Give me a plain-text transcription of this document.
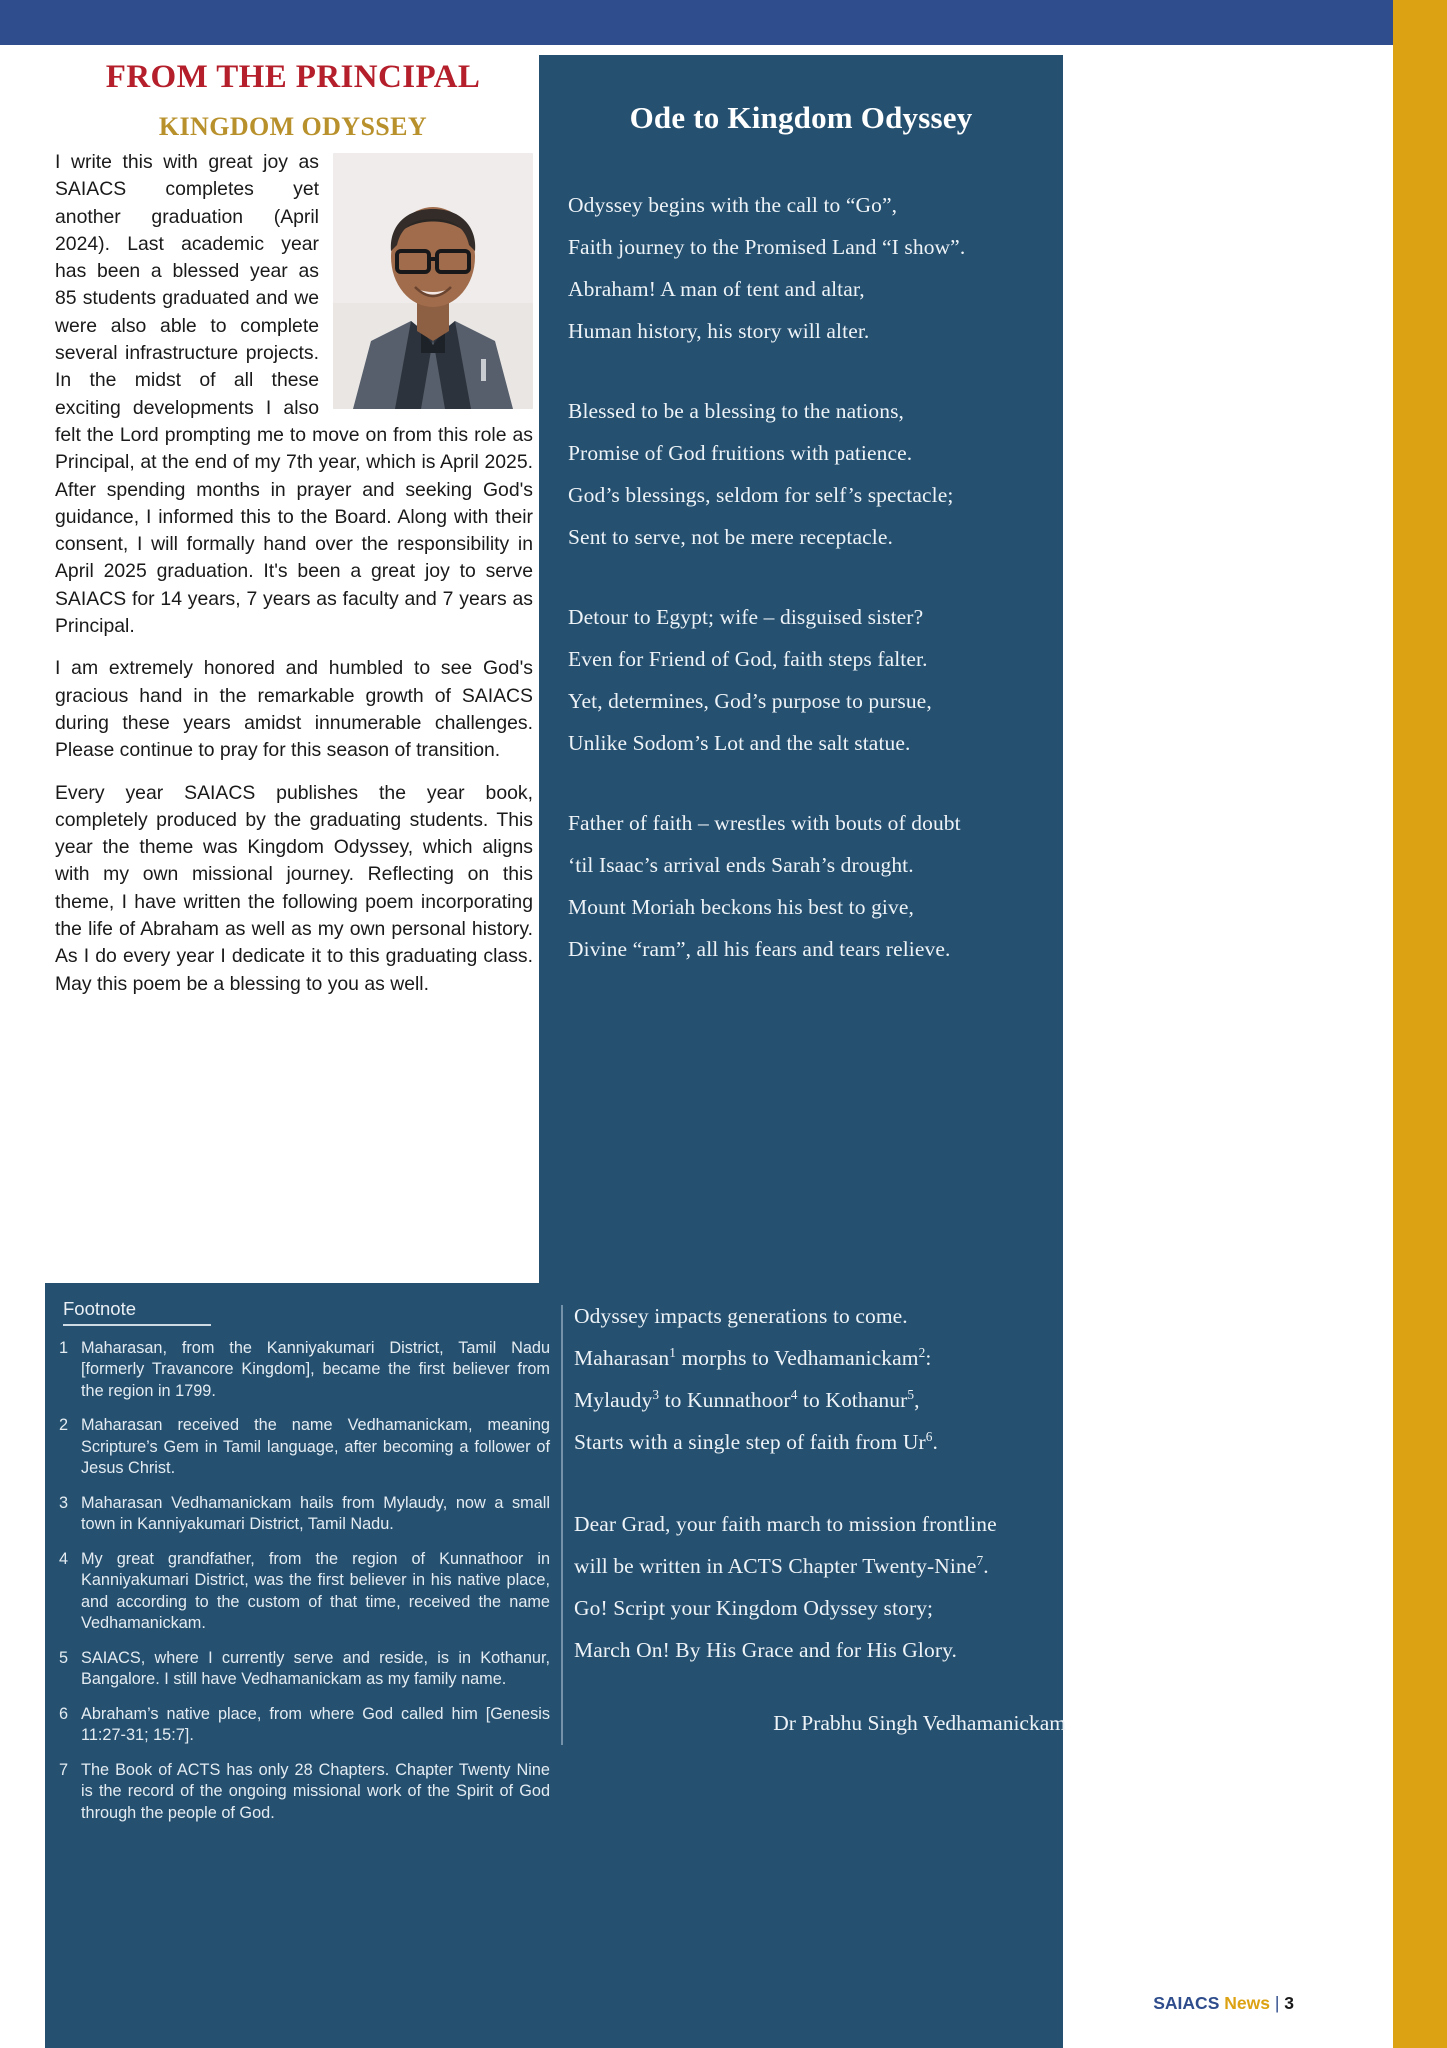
FROM THE PRINCIPAL
KINGDOM ODYSSEY

I write this with great joy as SAIACS completes yet another graduation (April 2024). Last academic year has been a blessed year as 85 students graduated and we were also able to complete several infrastructure projects. In the midst of all these exciting developments I also felt the Lord prompting me to move on from this role as Principal, at the end of my 7th year, which is April 2025. After spending months in prayer and seeking God's guidance, I informed this to the Board. Along with their consent, I will formally hand over the responsibility in April 2025 graduation. It's been a great joy to serve SAIACS for 14 years, 7 years as faculty and 7 years as Principal.

I am extremely honored and humbled to see God's gracious hand in the remarkable growth of SAIACS during these years amidst innumerable challenges. Please continue to pray for this season of transition.

Every year SAIACS publishes the year book, completely produced by the graduating students. This year the theme was Kingdom Odyssey, which aligns with my own missional journey. Reflecting on this theme, I have written the following poem incorporating the life of Abraham as well as my own personal history. As I do every year I dedicate it to this graduating class. May this poem be a blessing to you as well.

Ode to Kingdom Odyssey
Odyssey begins with the call to “Go”,
Faith journey to the Promised Land “I show”.
Abraham! A man of tent and altar,
Human history, his story will alter.
Blessed to be a blessing to the nations,
Promise of God fruitions with patience.
God’s blessings, seldom for self’s spectacle;
Sent to serve, not be mere receptacle.
Detour to Egypt; wife – disguised sister?
Even for Friend of God, faith steps falter.
Yet, determines, God’s purpose to pursue,
Unlike Sodom’s Lot and the salt statue.
Father of faith – wrestles with bouts of doubt
‘til Isaac’s arrival ends Sarah’s drought.
Mount Moriah beckons his best to give,
Divine “ram”, all his fears and tears relieve.
Footnote
1 Maharasan, from the Kanniyakumari District, Tamil Nadu [formerly Travancore Kingdom], became the first believer from the region in 1799.
2 Maharasan received the name Vedhamanickam, meaning Scripture’s Gem in Tamil language, after becoming a follower of Jesus Christ.
3 Maharasan Vedhamanickam hails from Mylaudy, now a small town in Kanniyakumari District, Tamil Nadu.
4 My great grandfather, from the region of Kunnathoor in Kanniyakumari District, was the first believer in his native place, and according to the custom of that time, received the name Vedhamanickam.
5 SAIACS, where I currently serve and reside, is in Kothanur, Bangalore. I still have Vedhamanickam as my family name.
6 Abraham’s native place, from where God called him [Genesis 11:27-31; 15:7].
7 The Book of ACTS has only 28 Chapters. Chapter Twenty Nine is the record of the ongoing missional work of the Spirit of God through the people of God.
Odyssey impacts generations to come.
Maharasan$^1$ morphs to Vedhamanickam$^2$:
Mylaudy$^3$ to Kunnathoor$^4$ to Kothanur$^5$,
Starts with a single step of faith from Ur$^6$.
Dear Grad, your faith march to mission frontline
will be written in ACTS Chapter Twenty-Nine$^7$.
Go! Script your Kingdom Odyssey story;
March On! By His Grace and for His Glory.
Dr Prabhu Singh Vedhamanickam
SAIACS News | 3
